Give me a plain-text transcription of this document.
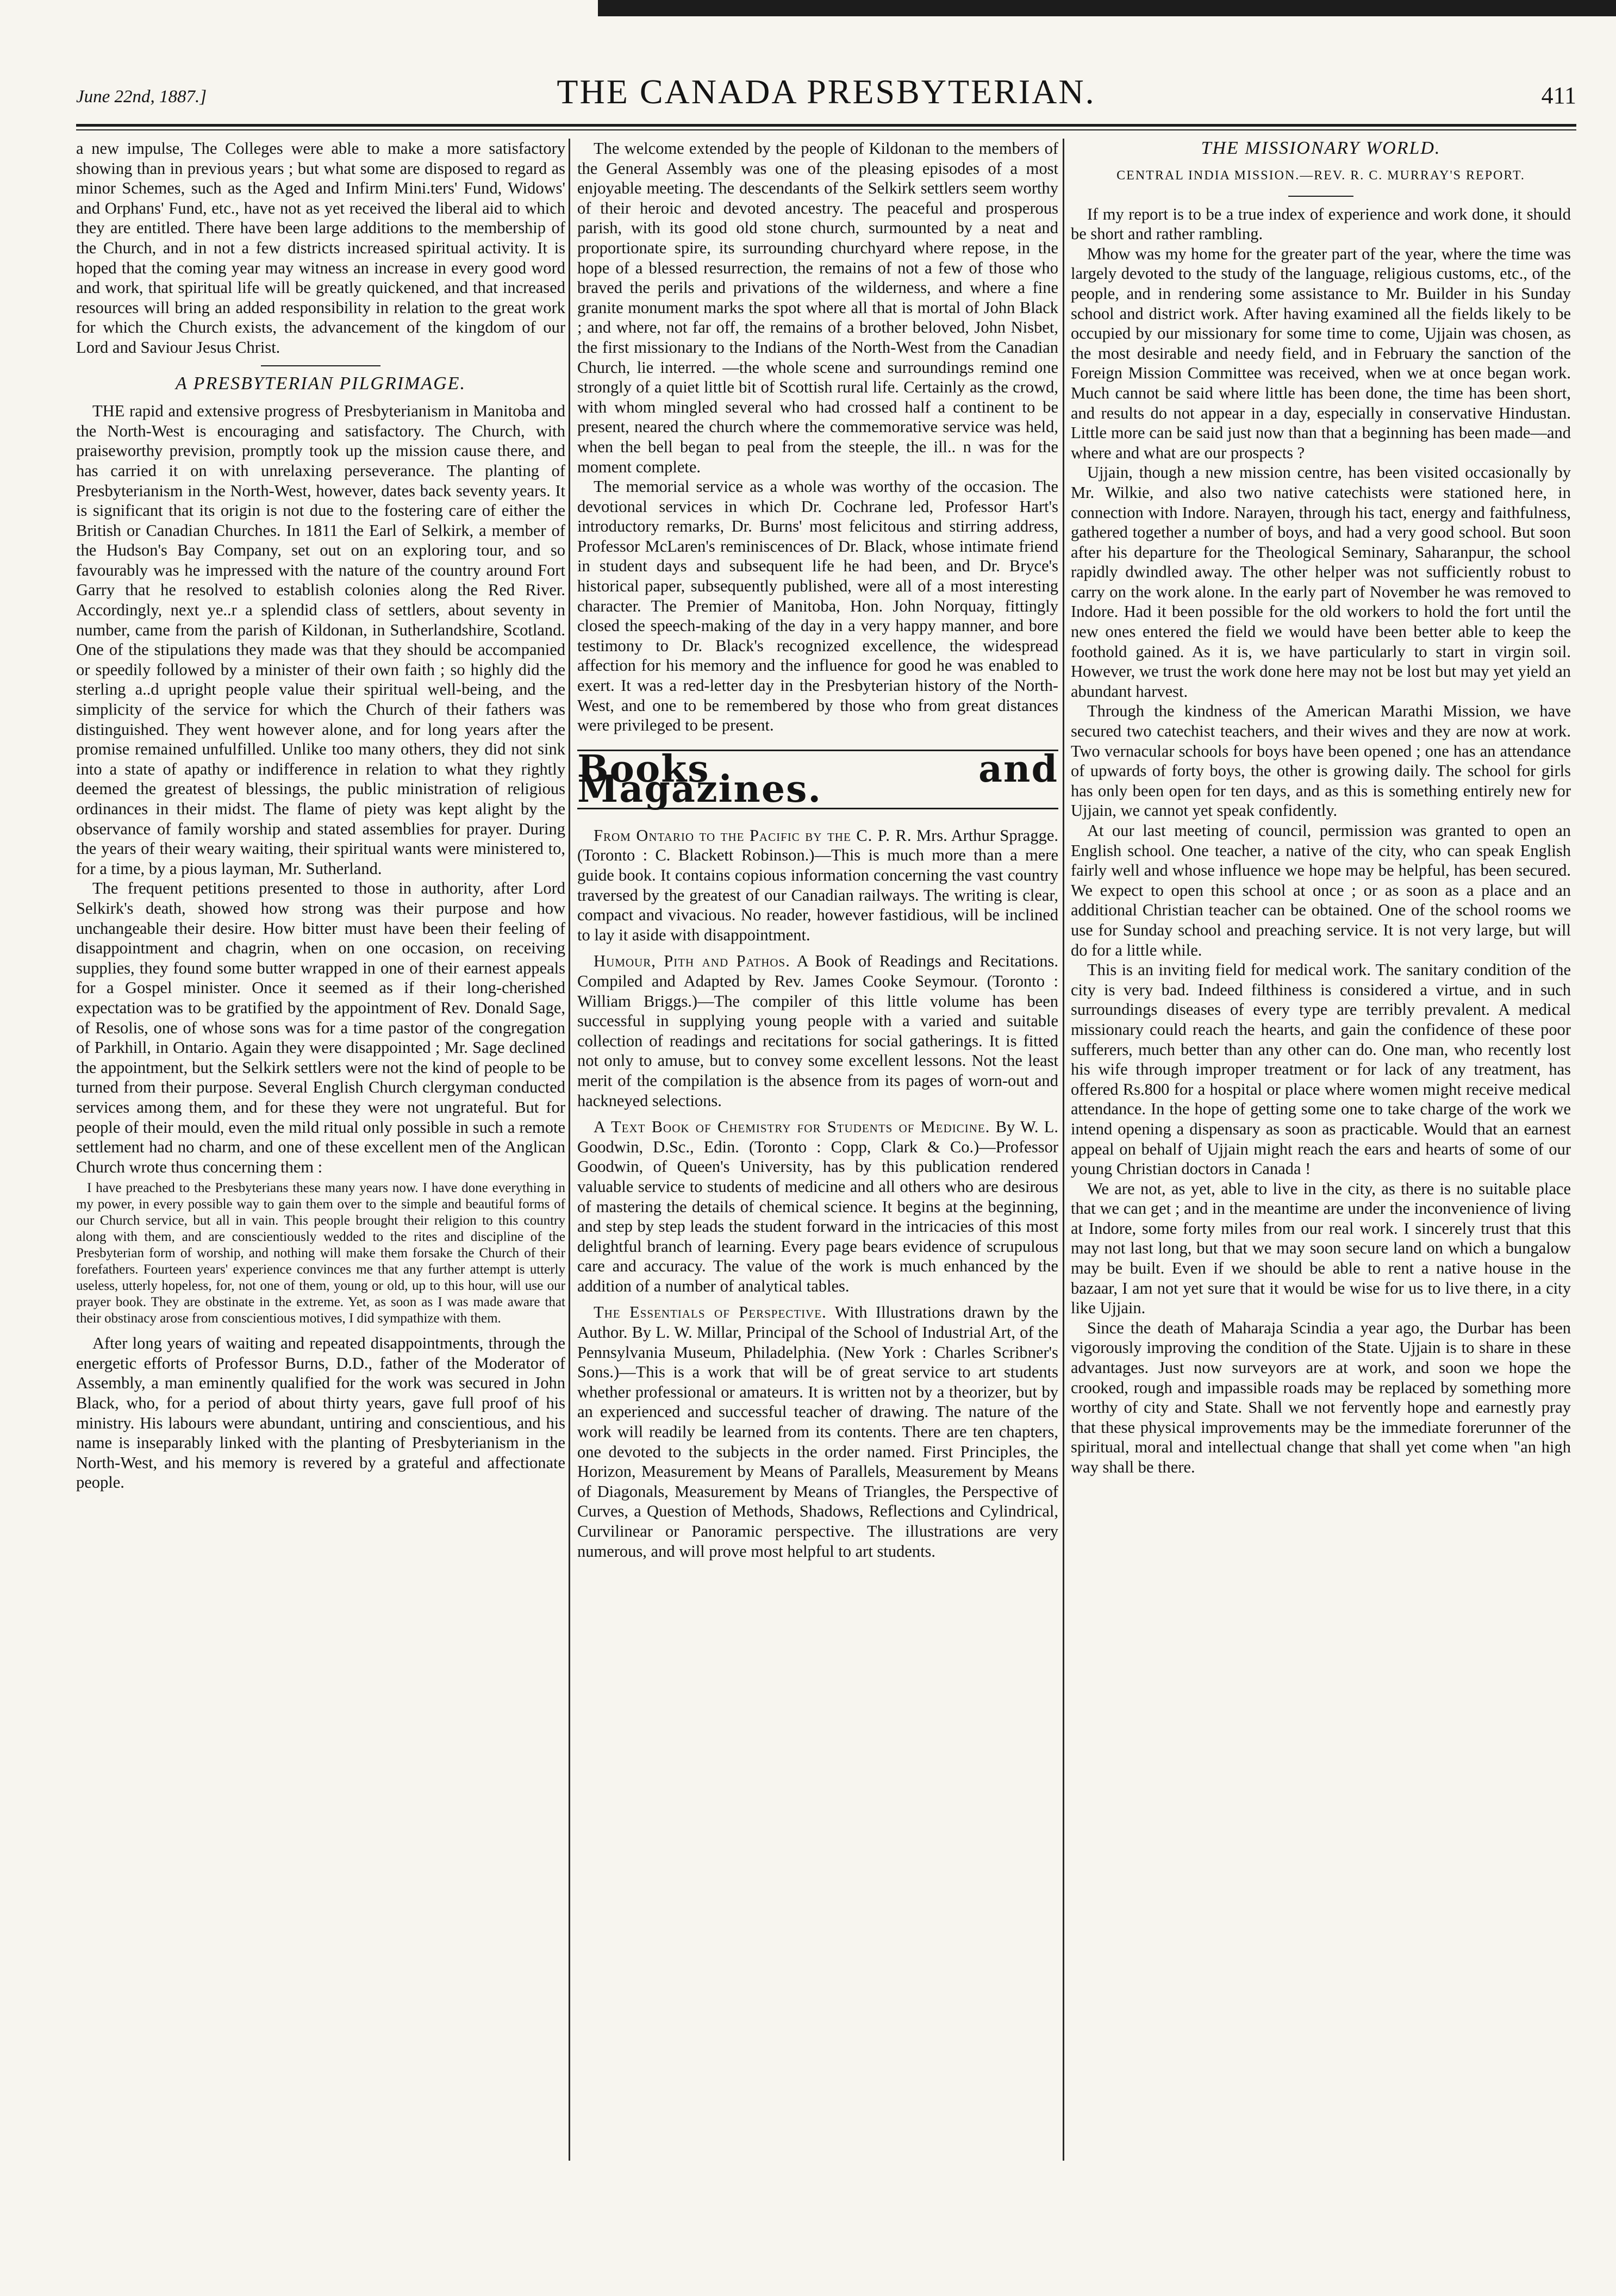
June 22nd, 1887.]	THE CANADA PRESBYTERIAN.	411

a new impulse, The Colleges were able to make a more satisfactory showing than in previous years ; but what some are disposed to regard as minor Schemes, such as the Aged and Infirm Mini.ters' Fund, Widows' and Orphans' Fund, etc., have not as yet received the liberal aid to which they are entitled. There have been large additions to the membership of the Church, and in not a few districts increased spiritual activity. It is hoped that the coming year may witness an increase in every good word and work, that spiritual life will be greatly quickened, and that increased resources will bring an added responsibility in relation to the great work for which the Church exists, the advancement of the kingdom of our Lord and Saviour Jesus Christ.

A PRESBYTERIAN PILGRIMAGE.

THE rapid and extensive progress of Presbyterianism in Manitoba and the North-West is encouraging and satisfactory. The Church, with praiseworthy prevision, promptly took up the mission cause there, and has carried it on with unrelaxing perseverance. The planting of Presbyterianism in the North-West, however, dates back seventy years. It is significant that its origin is not due to the fostering care of either the British or Canadian Churches. In 1811 the Earl of Selkirk, a member of the Hudson's Bay Company, set out on an exploring tour, and so favourably was he impressed with the nature of the country around Fort Garry that he resolved to establish colonies along the Red River. Accordingly, next ye..r a splendid class of settlers, about seventy in number, came from the parish of Kildonan, in Sutherlandshire, Scotland. One of the stipulations they made was that they should be accompanied or speedily followed by a minister of their own faith ; so highly did the sterling a..d upright people value their spiritual well-being, and the simplicity of the service for which the Church of their fathers was distinguished. They went however alone, and for long years after the promise remained unfulfilled. Unlike too many others, they did not sink into a state of apathy or indifference in relation to what they rightly deemed the greatest of blessings, the public ministration of religious ordinances in their midst. The flame of piety was kept alight by the observance of family worship and stated assemblies for prayer. During the years of their weary waiting, their spiritual wants were ministered to, for a time, by a pious layman, Mr. Sutherland.

The frequent petitions presented to those in authority, after Lord Selkirk's death, showed how strong was their purpose and how unchangeable their desire. How bitter must have been their feeling of disappointment and chagrin, when on one occasion, on receiving supplies, they found some butter wrapped in one of their earnest appeals for a Gospel minister. Once it seemed as if their long-cherished expectation was to be gratified by the appointment of Rev. Donald Sage, of Resolis, one of whose sons was for a time pastor of the congregation of Parkhill, in Ontario. Again they were disappointed ; Mr. Sage declined the appointment, but the Selkirk settlers were not the kind of people to be turned from their purpose. Several English Church clergyman conducted services among them, and for these they were not ungrateful. But for people of their mould, even the mild ritual only possible in such a remote settlement had no charm, and one of these excellent men of the Anglican Church wrote thus concerning them :

I have preached to the Presbyterians these many years now. I have done everything in my power, in every possible way to gain them over to the simple and beautiful forms of our Church service, but all in vain. This people brought their religion to this country along with them, and are conscientiously wedded to the rites and discipline of the Presbyterian form of worship, and nothing will make them forsake the Church of their forefathers. Fourteen years' experience convinces me that any further attempt is utterly useless, utterly hopeless, for, not one of them, young or old, up to this hour, will use our prayer book. They are obstinate in the extreme. Yet, as soon as I was made aware that their obstinacy arose from conscientious motives, I did sympathize with them.

After long years of waiting and repeated disappointments, through the energetic efforts of Professor Burns, D.D., father of the Moderator of Assembly, a man eminently qualified for the work was secured in John Black, who, for a period of about thirty years, gave full proof of his ministry. His labours were abundant, untiring and conscientious, and his name is inseparably linked with the planting of Presbyterianism in the North-West, and his memory is revered by a grateful and affectionate people.

The welcome extended by the people of Kildonan to the members of the General Assembly was one of the pleasing episodes of a most enjoyable meeting. The descendants of the Selkirk settlers seem worthy of their heroic and devoted ancestry. The peaceful and prosperous parish, with its good old stone church, surmounted by a neat and proportionate spire, its surrounding churchyard where repose, in the hope of a blessed resurrection, the remains of not a few of those who braved the perils and privations of the wilderness, and where a fine granite monument marks the spot where all that is mortal of John Black ; and where, not far off, the remains of a brother beloved, John Nisbet, the first missionary to the Indians of the North-West from the Canadian Church, lie interred. —the whole scene and surroundings remind one strongly of a quiet little bit of Scottish rural life. Certainly as the crowd, with whom mingled several who had crossed half a continent to be present, neared the church where the commemorative service was held, when the bell began to peal from the steeple, the ill.. n was for the moment complete.

The memorial service as a whole was worthy of the occasion. The devotional services in which Dr. Cochrane led, Professor Hart's introductory remarks, Dr. Burns' most felicitous and stirring address, Professor McLaren's reminiscences of Dr. Black, whose intimate friend in student days and subsequent life he had been, and Dr. Bryce's historical paper, subsequently published, were all of a most interesting character. The Premier of Manitoba, Hon. John Norquay, fittingly closed the speech-making of the day in a very happy manner, and bore testimony to Dr. Black's recognized excellence, the widespread affection for his memory and the influence for good he was enabled to exert. It was a red-letter day in the Presbyterian history of the North-West, and one to be remembered by those who from great distances were privileged to be present.

Books and Magazines.

From Ontario to the Pacific by the C. P. R. Mrs. Arthur Spragge. (Toronto : C. Blackett Robinson.)—This is much more than a mere guide book. It contains copious information concerning the vast country traversed by the greatest of our Canadian railways. The writing is clear, compact and vivacious. No reader, however fastidious, will be inclined to lay it aside with disappointment.

Humour, Pith and Pathos. A Book of Readings and Recitations. Compiled and Adapted by Rev. James Cooke Seymour. (Toronto : William Briggs.)—The compiler of this little volume has been successful in supplying young people with a varied and suitable collection of readings and recitations for social gatherings. It is fitted not only to amuse, but to convey some excellent lessons. Not the least merit of the compilation is the absence from its pages of worn-out and hackneyed selections.

A Text Book of Chemistry for Students of Medicine. By W. L. Goodwin, D.Sc., Edin. (Toronto : Copp, Clark & Co.)—Professor Goodwin, of Queen's University, has by this publication rendered valuable service to students of medicine and all others who are desirous of mastering the details of chemical science. It begins at the beginning, and step by step leads the student forward in the intricacies of this most delightful branch of learning. Every page bears evidence of scrupulous care and accuracy. The value of the work is much enhanced by the addition of a number of analytical tables.

The Essentials of Perspective. With Illustrations drawn by the Author. By L. W. Millar, Principal of the School of Industrial Art, of the Pennsylvania Museum, Philadelphia. (New York : Charles Scribner's Sons.)—This is a work that will be of great service to art students whether professional or amateurs. It is written not by a theorizer, but by an experienced and successful teacher of drawing. The nature of the work will readily be learned from its contents. There are ten chapters, one devoted to the subjects in the order named. First Principles, the Horizon, Measurement by Means of Parallels, Measurement by Means of Diagonals, Measurement by Means of Triangles, the Perspective of Curves, a Question of Methods, Shadows, Reflections and Cylindrical, Curvilinear or Panoramic perspective. The illustrations are very numerous, and will prove most helpful to art students.

THE MISSIONARY WORLD.
CENTRAL INDIA MISSION.—REV. R. C. MURRAY'S REPORT.

If my report is to be a true index of experience and work done, it should be short and rather rambling.

Mhow was my home for the greater part of the year, where the time was largely devoted to the study of the language, religious customs, etc., of the people, and in rendering some assistance to Mr. Builder in his Sunday school and district work. After having examined all the fields likely to be occupied by our missionary for some time to come, Ujjain was chosen, as the most desirable and needy field, and in February the sanction of the Foreign Mission Committee was received, when we at once began work. Much cannot be said where little has been done, the time has been short, and results do not appear in a day, especially in conservative Hindustan. Little more can be said just now than that a beginning has been made—and where and what are our prospects ?

Ujjain, though a new mission centre, has been visited occasionally by Mr. Wilkie, and also two native catechists were stationed here, in connection with Indore. Narayen, through his tact, energy and faithfulness, gathered together a number of boys, and had a very good school. But soon after his departure for the Theological Seminary, Saharanpur, the school rapidly dwindled away. The other helper was not sufficiently robust to carry on the work alone. In the early part of November he was removed to Indore. Had it been possible for the old workers to hold the fort until the new ones entered the field we would have been better able to keep the foothold gained. As it is, we have particularly to start in virgin soil. However, we trust the work done here may not be lost but may yet yield an abundant harvest.

Through the kindness of the American Marathi Mission, we have secured two catechist teachers, and their wives and they are now at work. Two vernacular schools for boys have been opened ; one has an attendance of upwards of forty boys, the other is growing daily. The school for girls has only been open for ten days, and as this is something entirely new for Ujjain, we cannot yet speak confidently.

At our last meeting of council, permission was granted to open an English school. One teacher, a native of the city, who can speak English fairly well and whose influence we hope may be helpful, has been secured. We expect to open this school at once ; or as soon as a place and an additional Christian teacher can be obtained. One of the school rooms we use for Sunday school and preaching service. It is not very large, but will do for a little while.

This is an inviting field for medical work. The sanitary condition of the city is very bad. Indeed filthiness is considered a virtue, and in such surroundings diseases of every type are terribly prevalent. A medical missionary could reach the hearts, and gain the confidence of these poor sufferers, much better than any other can do. One man, who recently lost his wife through improper treatment or for lack of any treatment, has offered Rs.800 for a hospital or place where women might receive medical attendance. In the hope of getting some one to take charge of the work we intend opening a dispensary as soon as practicable. Would that an earnest appeal on behalf of Ujjain might reach the ears and hearts of some of our young Christian doctors in Canada !

We are not, as yet, able to live in the city, as there is no suitable place that we can get ; and in the meantime are under the inconvenience of living at Indore, some forty miles from our real work. I sincerely trust that this may not last long, but that we may soon secure land on which a bungalow may be built. Even if we should be able to rent a native house in the bazaar, I am not yet sure that it would be wise for us to live there, in a city like Ujjain.

Since the death of Maharaja Scindia a year ago, the Durbar has been vigorously improving the condition of the State. Ujjain is to share in these advantages. Just now surveyors are at work, and soon we hope the crooked, rough and impassible roads may be replaced by something more worthy of city and State. Shall we not fervently hope and earnestly pray that these physical improvements may be the immediate forerunner of the spiritual, moral and intellectual change that shall yet come when "an high way shall be there.
